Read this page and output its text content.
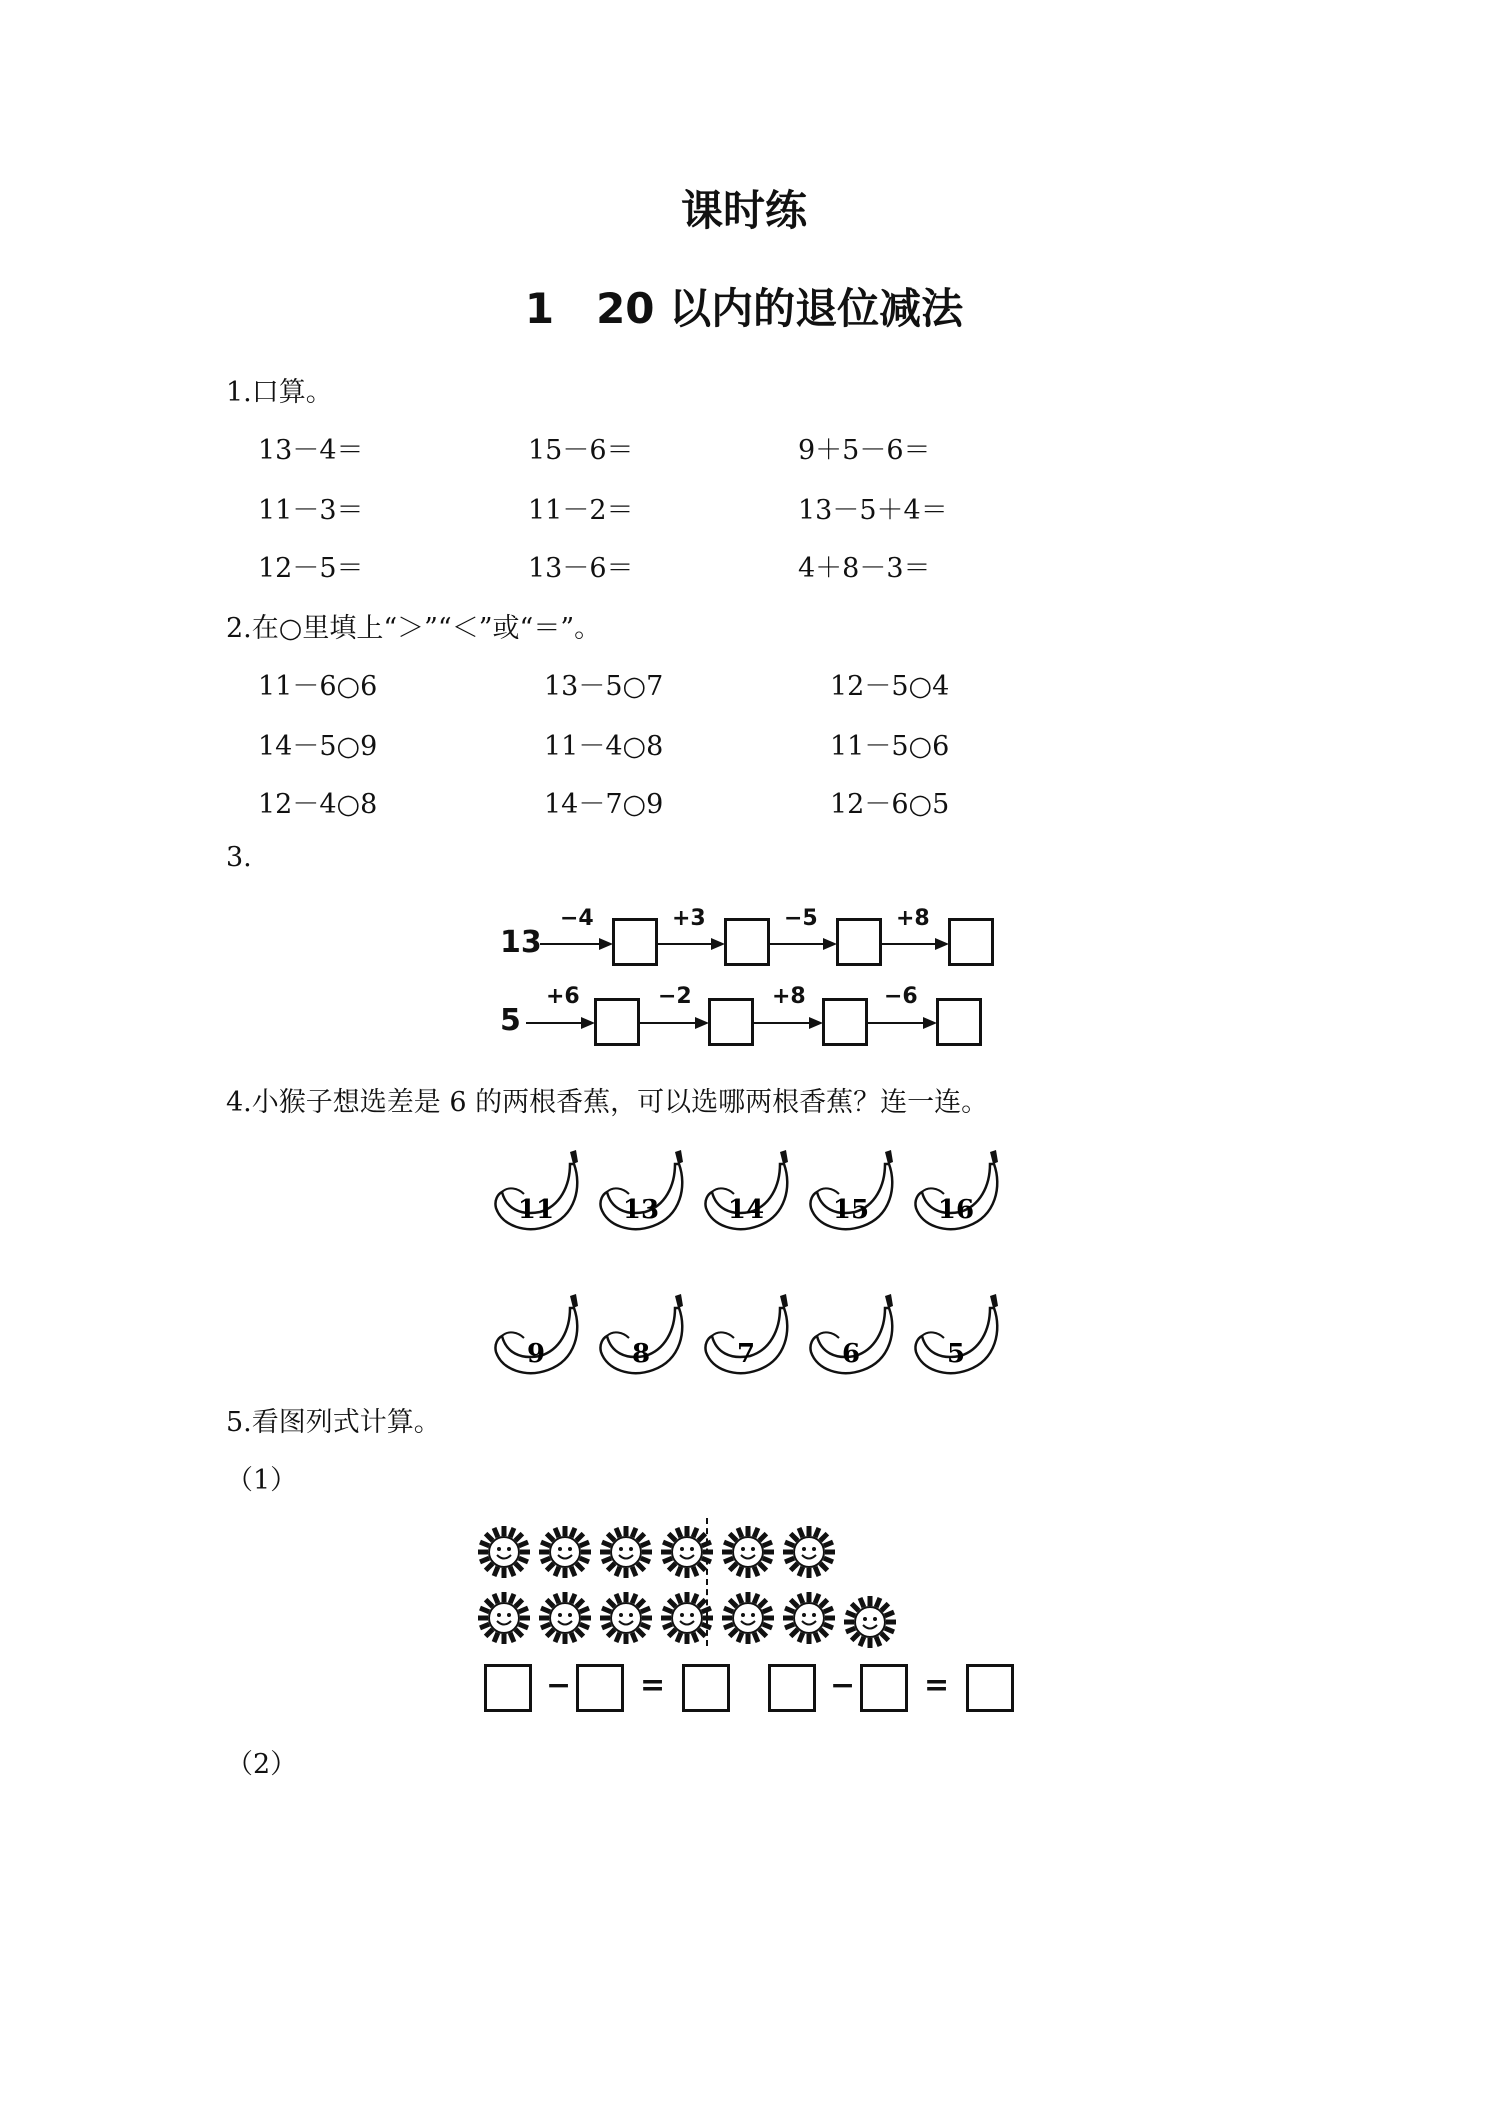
课时练
1　20 以内的退位减法
1.口算。
13－4＝	15－6＝	9＋5－6＝
11－3＝	11－2＝	13－5＋4＝
12－5＝	13－6＝	4＋8－3＝
2.在○里填上“＞”“＜”或“＝”。
11－6○6	13－5○7	12－5○4
14－5○9	11－4○8	11－5○6
12－4○8	14－7○9	12－6○5
3.
13
−4	+3	−5	+8
5
+6	−2	+8	−6
4.小猴子想选差是 6 的两根香蕉，可以选哪两根香蕉？连一连。
5.看图列式计算。
（1）
− =	− =
（2）
11	13	14	15	16
9	8	7	6	5
